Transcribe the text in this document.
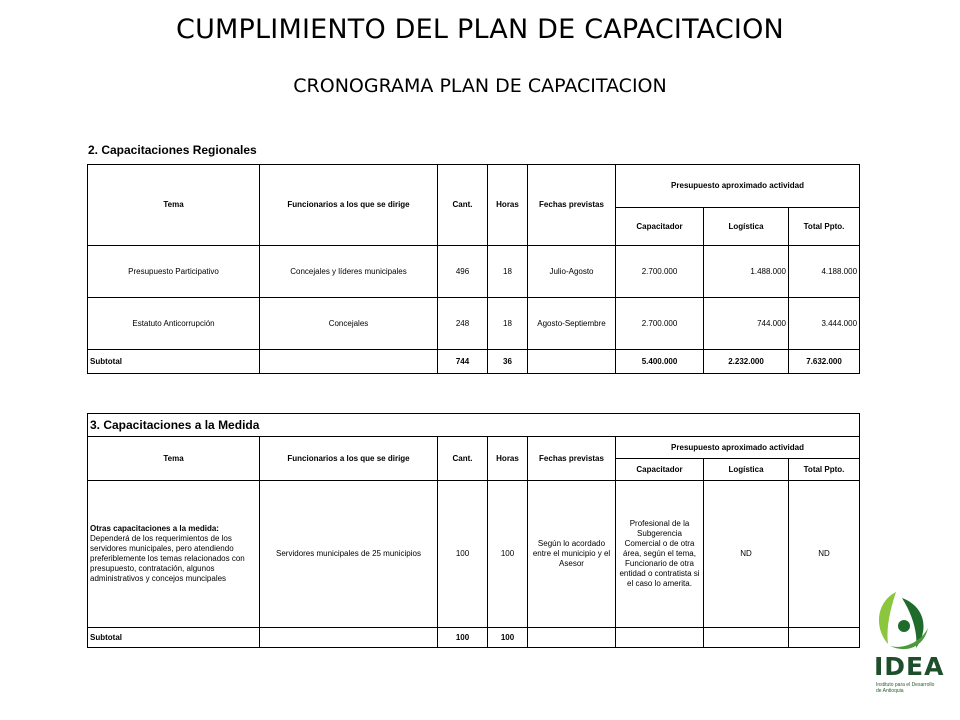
CUMPLIMIENTO DEL PLAN DE CAPACITACION
CRONOGRAMA PLAN DE CAPACITACION
2. Capacitaciones Regionales
Tema	Funcionarios a los que se dirige	Cant.	Horas	Fechas previstas	Presupuesto aproximado actividad		
					Capacitador	Logística	Total Ppto.
Presupuesto Participativo	Concejales y líderes municipales	496	18	Julio-Agosto	2.700.000	1.488.000	4.188.000
Estatuto Anticorrupción	Concejales	248	18	Agosto-Septiembre	2.700.000	744.000	3.444.000
Subtotal		744	36		5.400.000	2.232.000	7.632.000
3. Capacitaciones a la Medida							
Tema	Funcionarios a los que se dirige	Cant.	Horas	Fechas previstas	Presupuesto aproximado actividad		
					Capacitador	Logística	Total Ppto.
Otras capacitaciones a la medida:
Dependerá de los requerimientos de los servidores municipales, pero atendiendo preferiblemente los temas relacionados con presupuesto, contratación, algunos administrativos y concejos muncipales	Servidores municipales de 25 municipios	100	100	Según lo acordado entre el municipio y el Asesor	Profesional de la Subgerencia Comercial o de otra área, según el tema, Funcionario de otra entidad o contratista si el caso lo amerita.	ND	ND
Subtotal		100	100				
IDEA
Instituto para el Desarrollo de Antioquia
